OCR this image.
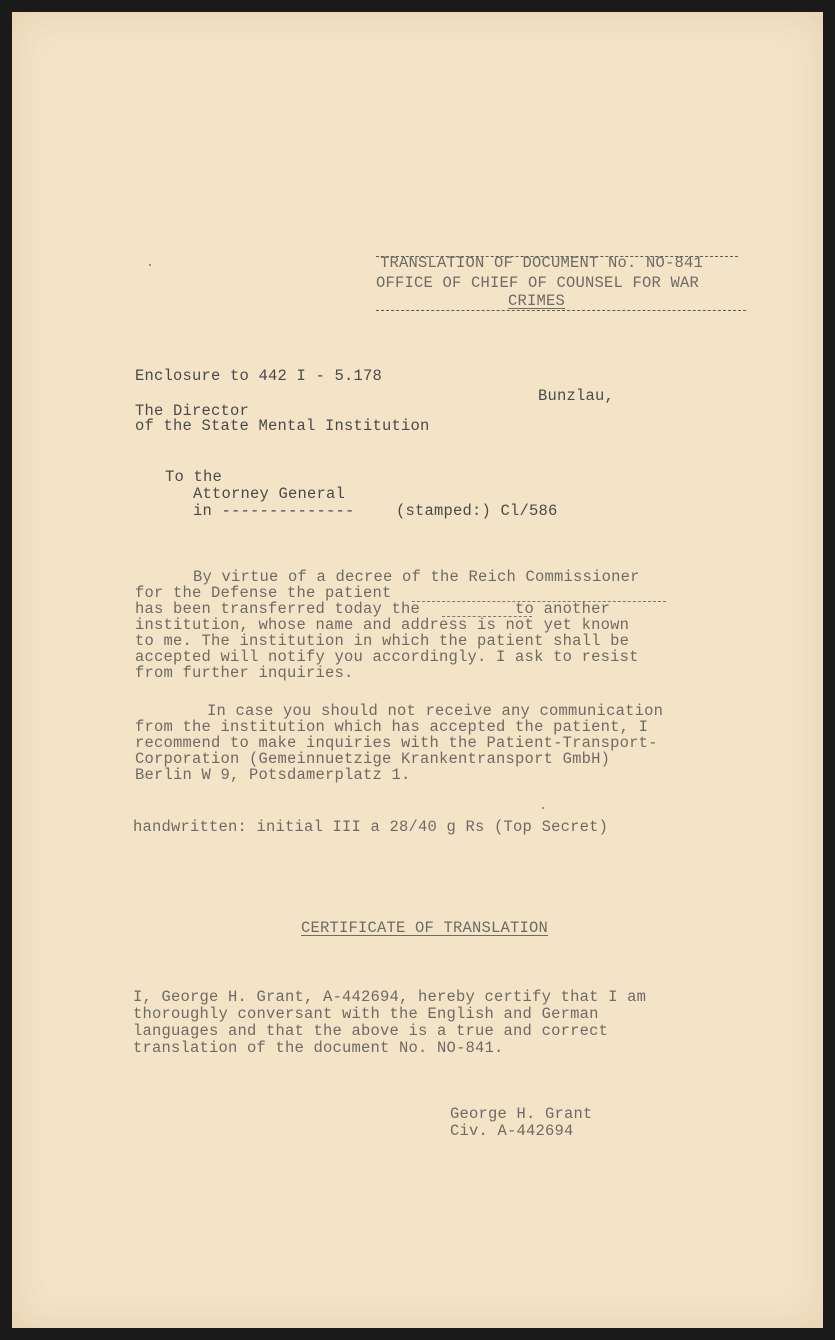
TRANSLATION OF DOCUMENT No. NO-841
OFFICE OF CHIEF OF COUNSEL FOR WAR
CRIMES
Enclosure to 442 I - 5.178
Bunzlau,
The Director
of the State Mental Institution
To the
Attorney General
in --------------	(stamped:) Cl/586
By virtue of a decree of the Reich Commissioner
for the Defense the patient
has been transferred today the          to another
institution, whose name and address is not yet known
to me. The institution in which the patient shall be
accepted will notify you accordingly. I ask to resist
from further inquiries.
In case you should not receive any communication
from the institution which has accepted the patient, I
recommend to make inquiries with the Patient-Transport-
Corporation (Gemeinnuetzige Krankentransport GmbH)
Berlin W 9, Potsdamerplatz 1.
handwritten: initial III a 28/40 g Rs (Top Secret)
CERTIFICATE OF TRANSLATION
I, George H. Grant, A-442694, hereby certify that I am
thoroughly conversant with the English and German
languages and that the above is a true and correct
translation of the document No. NO-841.
George H. Grant
Civ. A-442694
